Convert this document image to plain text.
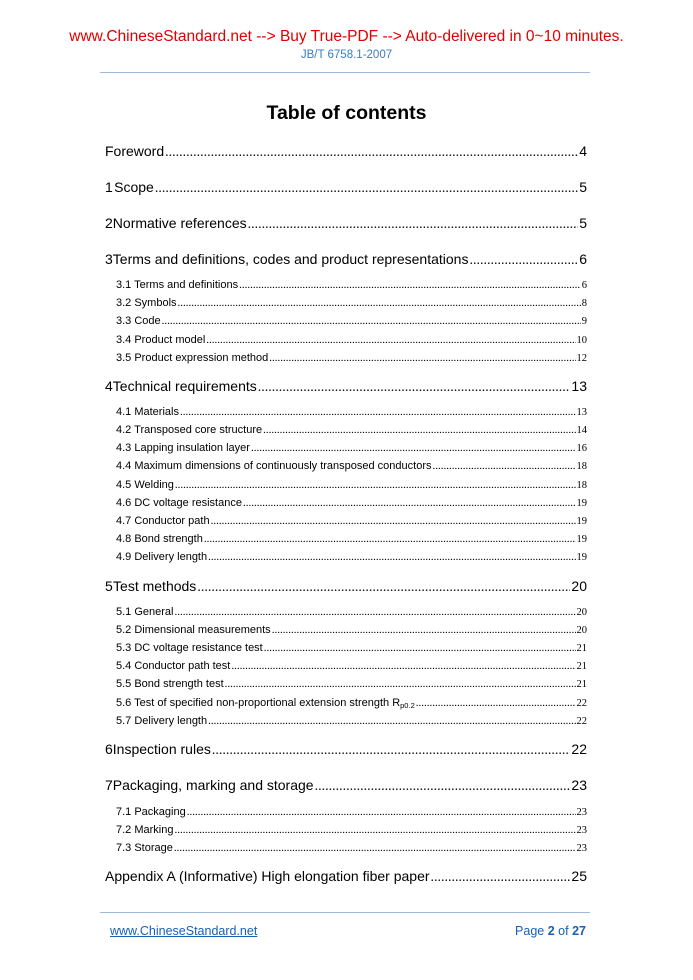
www.ChineseStandard.net --> Buy True-PDF --> Auto-delivered in 0~10 minutes.
JB/T 6758.1-2007
Table of contents
Foreword .....	4
1 Scope .....	5
2 Normative references .....	5
3 Terms and definitions, codes and product representations .....	6
3.1 Terms and definitions .....	6
3.2 Symbols .....	8
3.3 Code .....	9
3.4 Product model .....	10
3.5 Product expression method .....	12
4 Technical requirements .....	13
4.1 Materials .....	13
4.2 Transposed core structure .....	14
4.3 Lapping insulation layer .....	16
4.4 Maximum dimensions of continuously transposed conductors .....	18
4.5 Welding .....	18
4.6 DC voltage resistance .....	19
4.7 Conductor path .....	19
4.8 Bond strength .....	19
4.9 Delivery length .....	19
5 Test methods .....	20
5.1 General .....	20
5.2 Dimensional measurements .....	20
5.3 DC voltage resistance test .....	21
5.4 Conductor path test .....	21
5.5 Bond strength test .....	21
5.6 Test of specified non-proportional extension strength $R_{p0.2}$ .....	22
5.7 Delivery length .....	22
6 Inspection rules .....	22
7 Packaging, marking and storage .....	23
7.1 Packaging .....	23
7.2 Marking .....	23
7.3 Storage .....	23
Appendix A (Informative) High elongation fiber paper .....	25
www.ChineseStandard.net	Page 2 of 27
